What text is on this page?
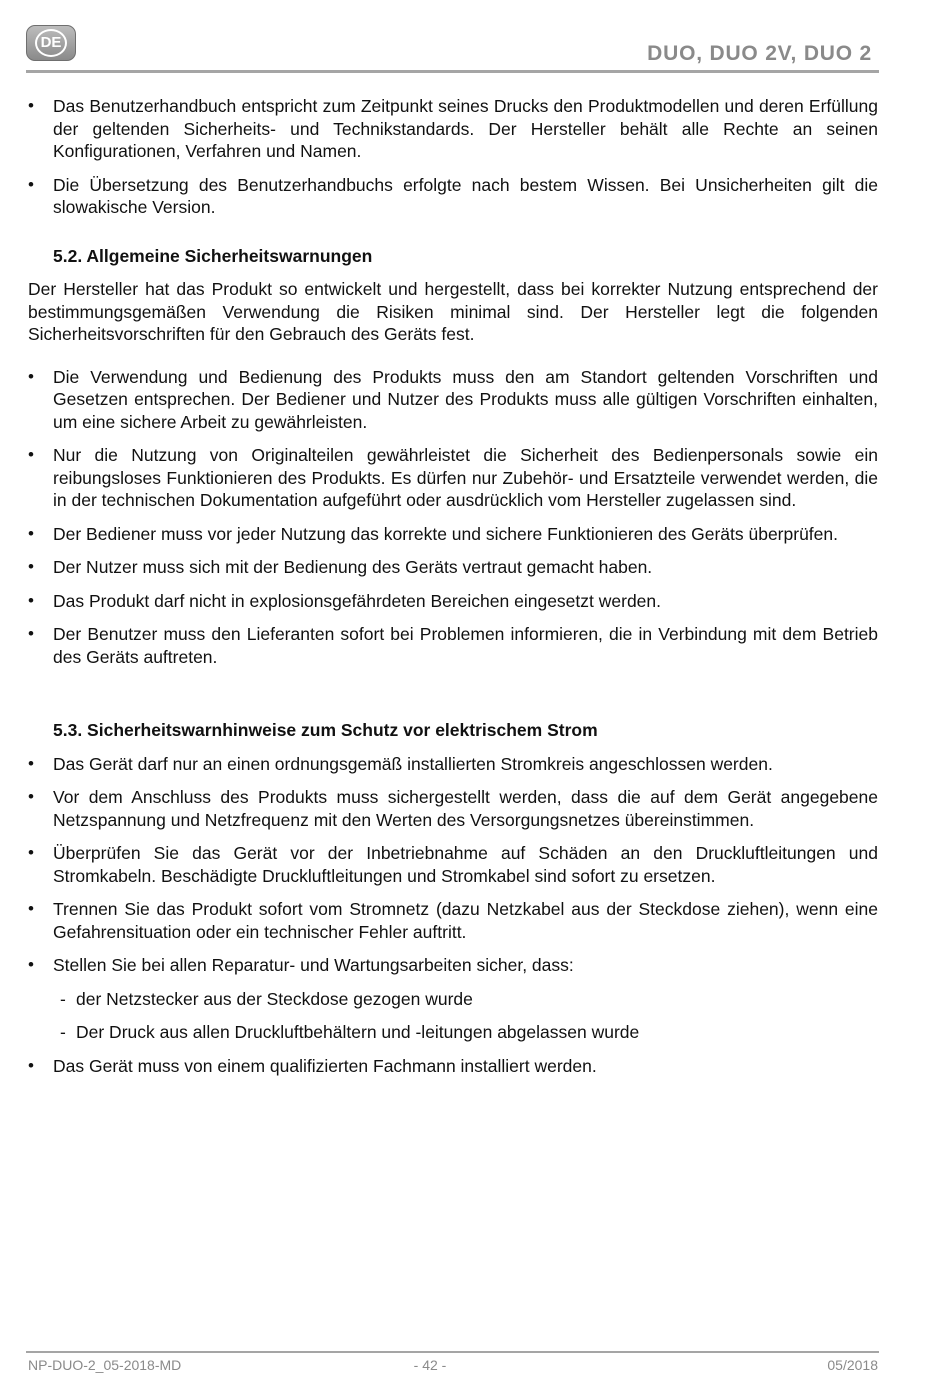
DE	DUO, DUO 2V, DUO 2
• Das Benutzerhandbuch entspricht zum Zeitpunkt seines Drucks den Produktmodellen und deren Erfüllung der geltenden Sicherheits- und Technikstandards. Der Hersteller behält alle Rechte an seinen Konfigurationen, Verfahren und Namen.
• Die Übersetzung des Benutzerhandbuchs erfolgte nach bestem Wissen. Bei Unsicherheiten gilt die slowakische Version.

5.2. Allgemeine Sicherheitswarnungen

Der Hersteller hat das Produkt so entwickelt und hergestellt, dass bei korrekter Nutzung entsprechend der bestimmungsgemäßen Verwendung die Risiken minimal sind. Der Hersteller legt die folgenden Sicherheitsvorschriften für den Gebrauch des Geräts fest.

• Die Verwendung und Bedienung des Produkts muss den am Standort geltenden Vorschriften und Gesetzen entsprechen. Der Bediener und Nutzer des Produkts muss alle gültigen Vorschriften einhalten, um eine sichere Arbeit zu gewährleisten.
• Nur die Nutzung von Originalteilen gewährleistet die Sicherheit des Bedienpersonals sowie ein reibungsloses Funktionieren des Produkts. Es dürfen nur Zubehör- und Ersatzteile verwendet werden, die in der technischen Dokumentation aufgeführt oder ausdrücklich vom Hersteller zugelassen sind.
• Der Bediener muss vor jeder Nutzung das korrekte und sichere Funktionieren des Geräts überprüfen.
• Der Nutzer muss sich mit der Bedienung des Geräts vertraut gemacht haben.
• Das Produkt darf nicht in explosionsgefährdeten Bereichen eingesetzt werden.
• Der Benutzer muss den Lieferanten sofort bei Problemen informieren, die in Verbindung mit dem Betrieb des Geräts auftreten.

5.3. Sicherheitswarnhinweise zum Schutz vor elektrischem Strom

• Das Gerät darf nur an einen ordnungsgemäß installierten Stromkreis angeschlossen werden.
• Vor dem Anschluss des Produkts muss sichergestellt werden, dass die auf dem Gerät angegebene Netzspannung und Netzfrequenz mit den Werten des Versorgungsnetzes übereinstimmen.
• Überprüfen Sie das Gerät vor der Inbetriebnahme auf Schäden an den Druckluftleitungen und Stromkabeln. Beschädigte Druckluftleitungen und Stromkabel sind sofort zu ersetzen.
• Trennen Sie das Produkt sofort vom Stromnetz (dazu Netzkabel aus der Steckdose ziehen), wenn eine Gefahrensituation oder ein technischer Fehler auftritt.
• Stellen Sie bei allen Reparatur- und Wartungsarbeiten sicher, dass:
- der Netzstecker aus der Steckdose gezogen wurde
- Der Druck aus allen Druckluftbehältern und -leitungen abgelassen wurde
• Das Gerät muss von einem qualifizierten Fachmann installiert werden.
NP-DUO-2_05-2018-MD	- 42 -	05/2018
